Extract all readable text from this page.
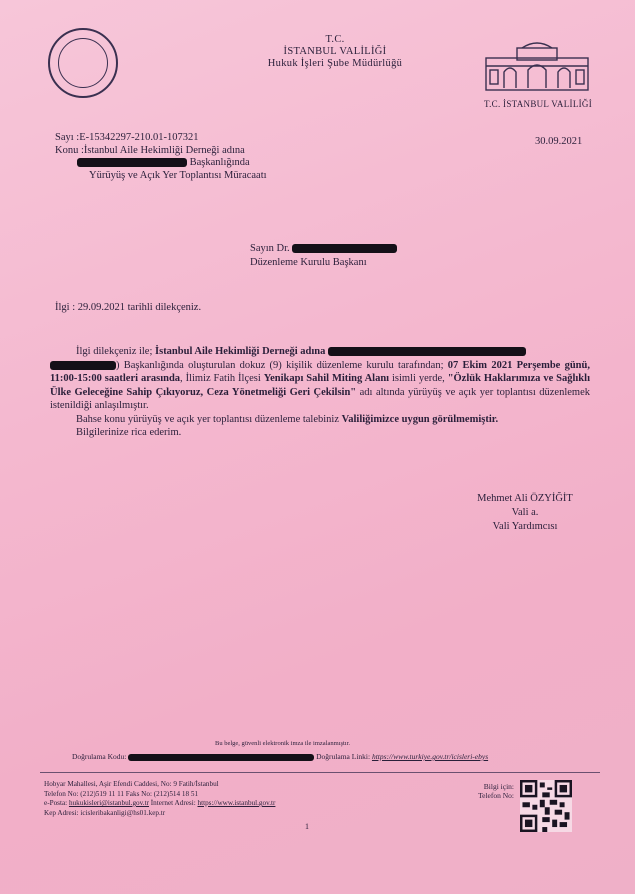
T.C.
İSTANBUL VALİLİĞİ
Hukuk İşleri Şube Müdürlüğü
T.C. İSTANBUL VALİLİĞİ
Sayı :E-15342297-210.01-107321
Konu :İstanbul Aile Hekimliği Derneği adına
Başkanlığında
Yürüyüş ve Açık Yer Toplantısı Müracaatı
30.09.2021
Sayın Dr.
Düzenleme Kurulu Başkanı
İlgi : 29.09.2021 tarihli dilekçeniz.

İlgi dilekçeniz ile; İstanbul Aile Hekimliği Derneği adına

) Başkanlığında oluşturulan dokuz (9) kişilik düzenleme kurulu tarafından; 07 Ekim 2021 Perşembe günü, 11:00-15:00 saatleri arasında, İlimiz Fatih İlçesi Yenikapı Sahil Miting Alanı isimli yerde, "Özlük Haklarımıza ve Sağlıklı Ülke Geleceğine Sahip Çıkıyoruz, Ceza Yönetmeliği Geri Çekilsin" adı altında yürüyüş ve açık yer toplantısı düzenlemek istenildiği anlaşılmıştır.

Bahse konu yürüyüş ve açık yer toplantısı düzenleme talebiniz Valiliğimizce uygun görülmemiştir.

Bilgilerinize rica ederim.

Mehmet Ali ÖZYİĞİT
Vali a.
Vali Yardımcısı
Bu belge, güvenli elektronik imza ile imzalanmıştır.
Doğrulama Kodu:	Doğrulama Linki: https://www.turkiye.gov.tr/icisleri-ebys
Hobyar Mahallesi, Aşir Efendi Caddesi, No: 9 Fatih/İstanbul
Telefon No: (212)519 11 11 Faks No: (212)514 18 51
e-Posta: hukukisleri@istanbul.gov.tr İnternet Adresi: https://www.istanbul.gov.tr
Kep Adresi: icisleribakanligi@hs01.kep.tr
Bilgi için:
Telefon No:
1
